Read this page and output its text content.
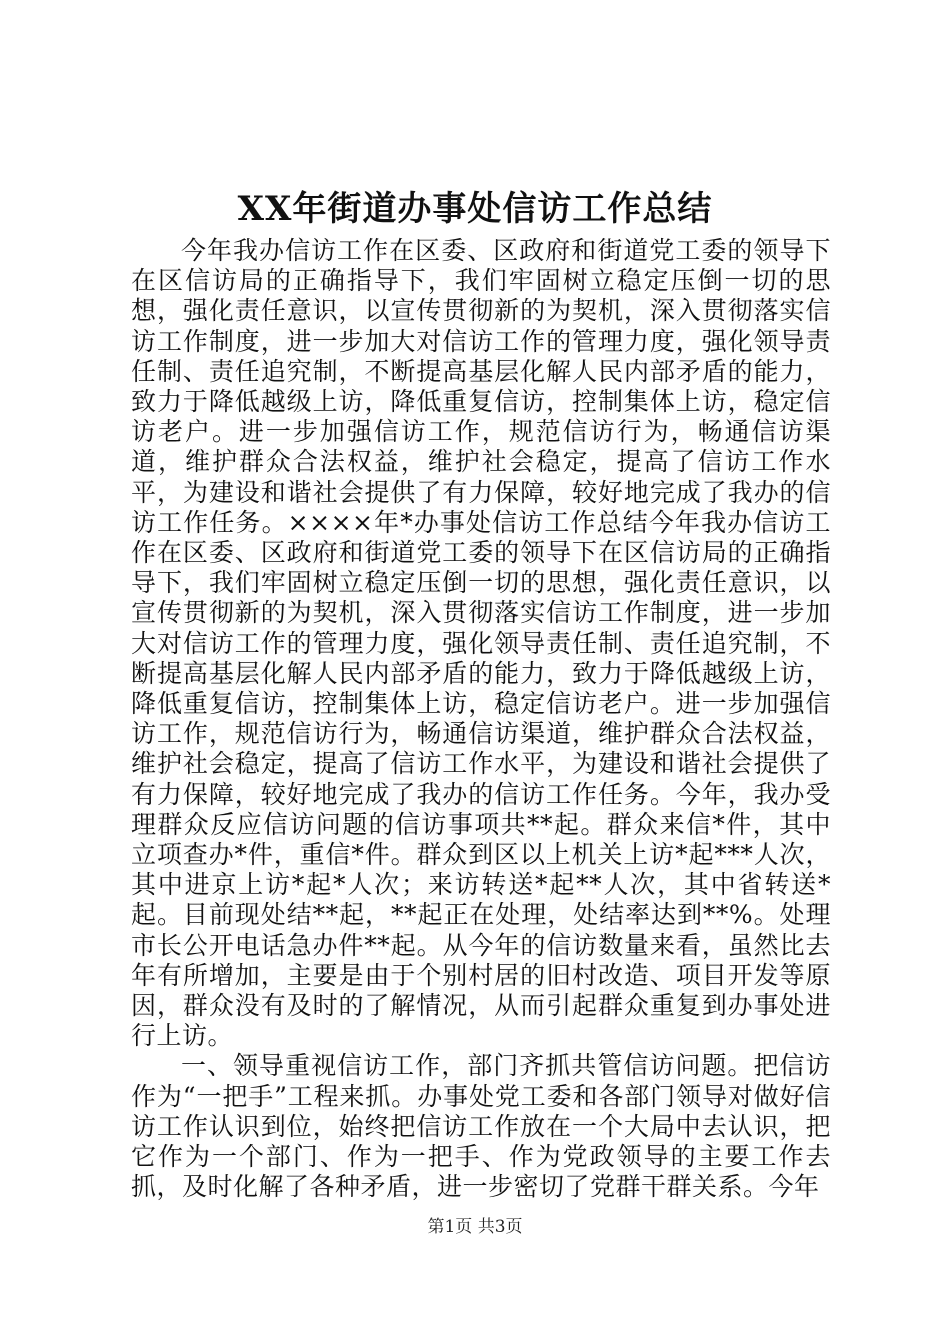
XX年街道办事处信访工作总结

今年我办信访工作在区委、区政府和街道党工委的领导下在区信访局的正确指导下，我们牢固树立稳定压倒一切的思想，强化责任意识，以宣传贯彻新的为契机，深入贯彻落实信访工作制度，进一步加大对信访工作的管理力度，强化领导责任制、责任追究制，不断提高基层化解人民内部矛盾的能力，致力于降低越级上访，降低重复信访，控制集体上访，稳定信访老户。进一步加强信访工作，规范信访行为，畅通信访渠道，维护群众合法权益，维护社会稳定，提高了信访工作水平，为建设和谐社会提供了有力保障，较好地完成了我办的信访工作任务。××××年*办事处信访工作总结今年我办信访工作在区委、区政府和街道党工委的领导下在区信访局的正确指导下，我们牢固树立稳定压倒一切的思想，强化责任意识，以宣传贯彻新的为契机，深入贯彻落实信访工作制度，进一步加大对信访工作的管理力度，强化领导责任制、责任追究制，不断提高基层化解人民内部矛盾的能力，致力于降低越级上访，降低重复信访，控制集体上访，稳定信访老户。进一步加强信访工作，规范信访行为，畅通信访渠道，维护群众合法权益，维护社会稳定，提高了信访工作水平，为建设和谐社会提供了有力保障，较好地完成了我办的信访工作任务。今年，我办受理群众反应信访问题的信访事项共**起。群众来信*件，其中立项查办*件，重信*件。群众到区以上机关上访*起***人次，其中进京上访*起*人次；来访转送*起**人次，其中省转送*起。目前现处结**起，**起正在处理，处结率达到**%。处理市长公开电话急办件**起。从今年的信访数量来看，虽然比去年有所增加，主要是由于个别村居的旧村改造、项目开发等原因，群众没有及时的了解情况，从而引起群众重复到办事处进行上访。

一、领导重视信访工作，部门齐抓共管信访问题。把信访作为“一把手”工程来抓。办事处党工委和各部门领导对做好信访工作认识到位，始终把信访工作放在一个大局中去认识，把它作为一个部门、作为一把手、作为党政领导的主要工作去抓，及时化解了各种矛盾，进一步密切了党群干群关系。今年

第1页 共3页
